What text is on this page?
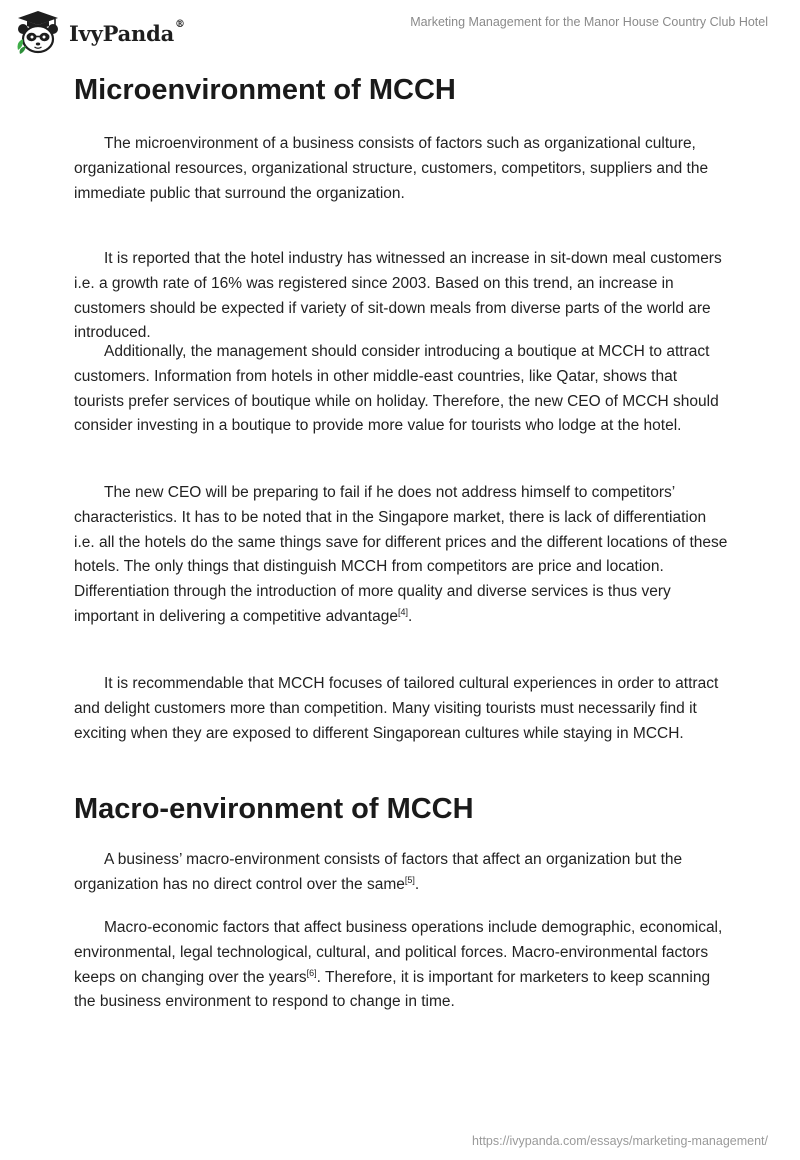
IvyPanda®	Marketing Management for the Manor House Country Club Hotel
Microenvironment of MCCH

The microenvironment of a business consists of factors such as organizational culture, organizational resources, organizational structure, customers, competitors, suppliers and the immediate public that surround the organization.

It is reported that the hotel industry has witnessed an increase in sit-down meal customers i.e. a growth rate of 16% was registered since 2003. Based on this trend, an increase in customers should be expected if variety of sit-down meals from diverse parts of the world are introduced.

Additionally, the management should consider introducing a boutique at MCCH to attract customers. Information from hotels in other middle-east countries, like Qatar, shows that tourists prefer services of boutique while on holiday. Therefore, the new CEO of MCCH should consider investing in a boutique to provide more value for tourists who lodge at the hotel.

The new CEO will be preparing to fail if he does not address himself to competitors’ characteristics. It has to be noted that in the Singapore market, there is lack of differentiation i.e. all the hotels do the same things save for different prices and the different locations of these hotels. The only things that distinguish MCCH from competitors are price and location. Differentiation through the introduction of more quality and diverse services is thus very important in delivering a competitive advantage[4].

It is recommendable that MCCH focuses of tailored cultural experiences in order to attract and delight customers more than competition. Many visiting tourists must necessarily find it exciting when they are exposed to different Singaporean cultures while staying in MCCH.

Macro-environment of MCCH

A business’ macro-environment consists of factors that affect an organization but the organization has no direct control over the same[5].

Macro-economic factors that affect business operations include demographic, economical, environmental, legal technological, cultural, and political forces. Macro-environmental factors keeps on changing over the years[6]. Therefore, it is important for marketers to keep scanning the business environment to respond to change in time.

https://ivypanda.com/essays/marketing-management/
